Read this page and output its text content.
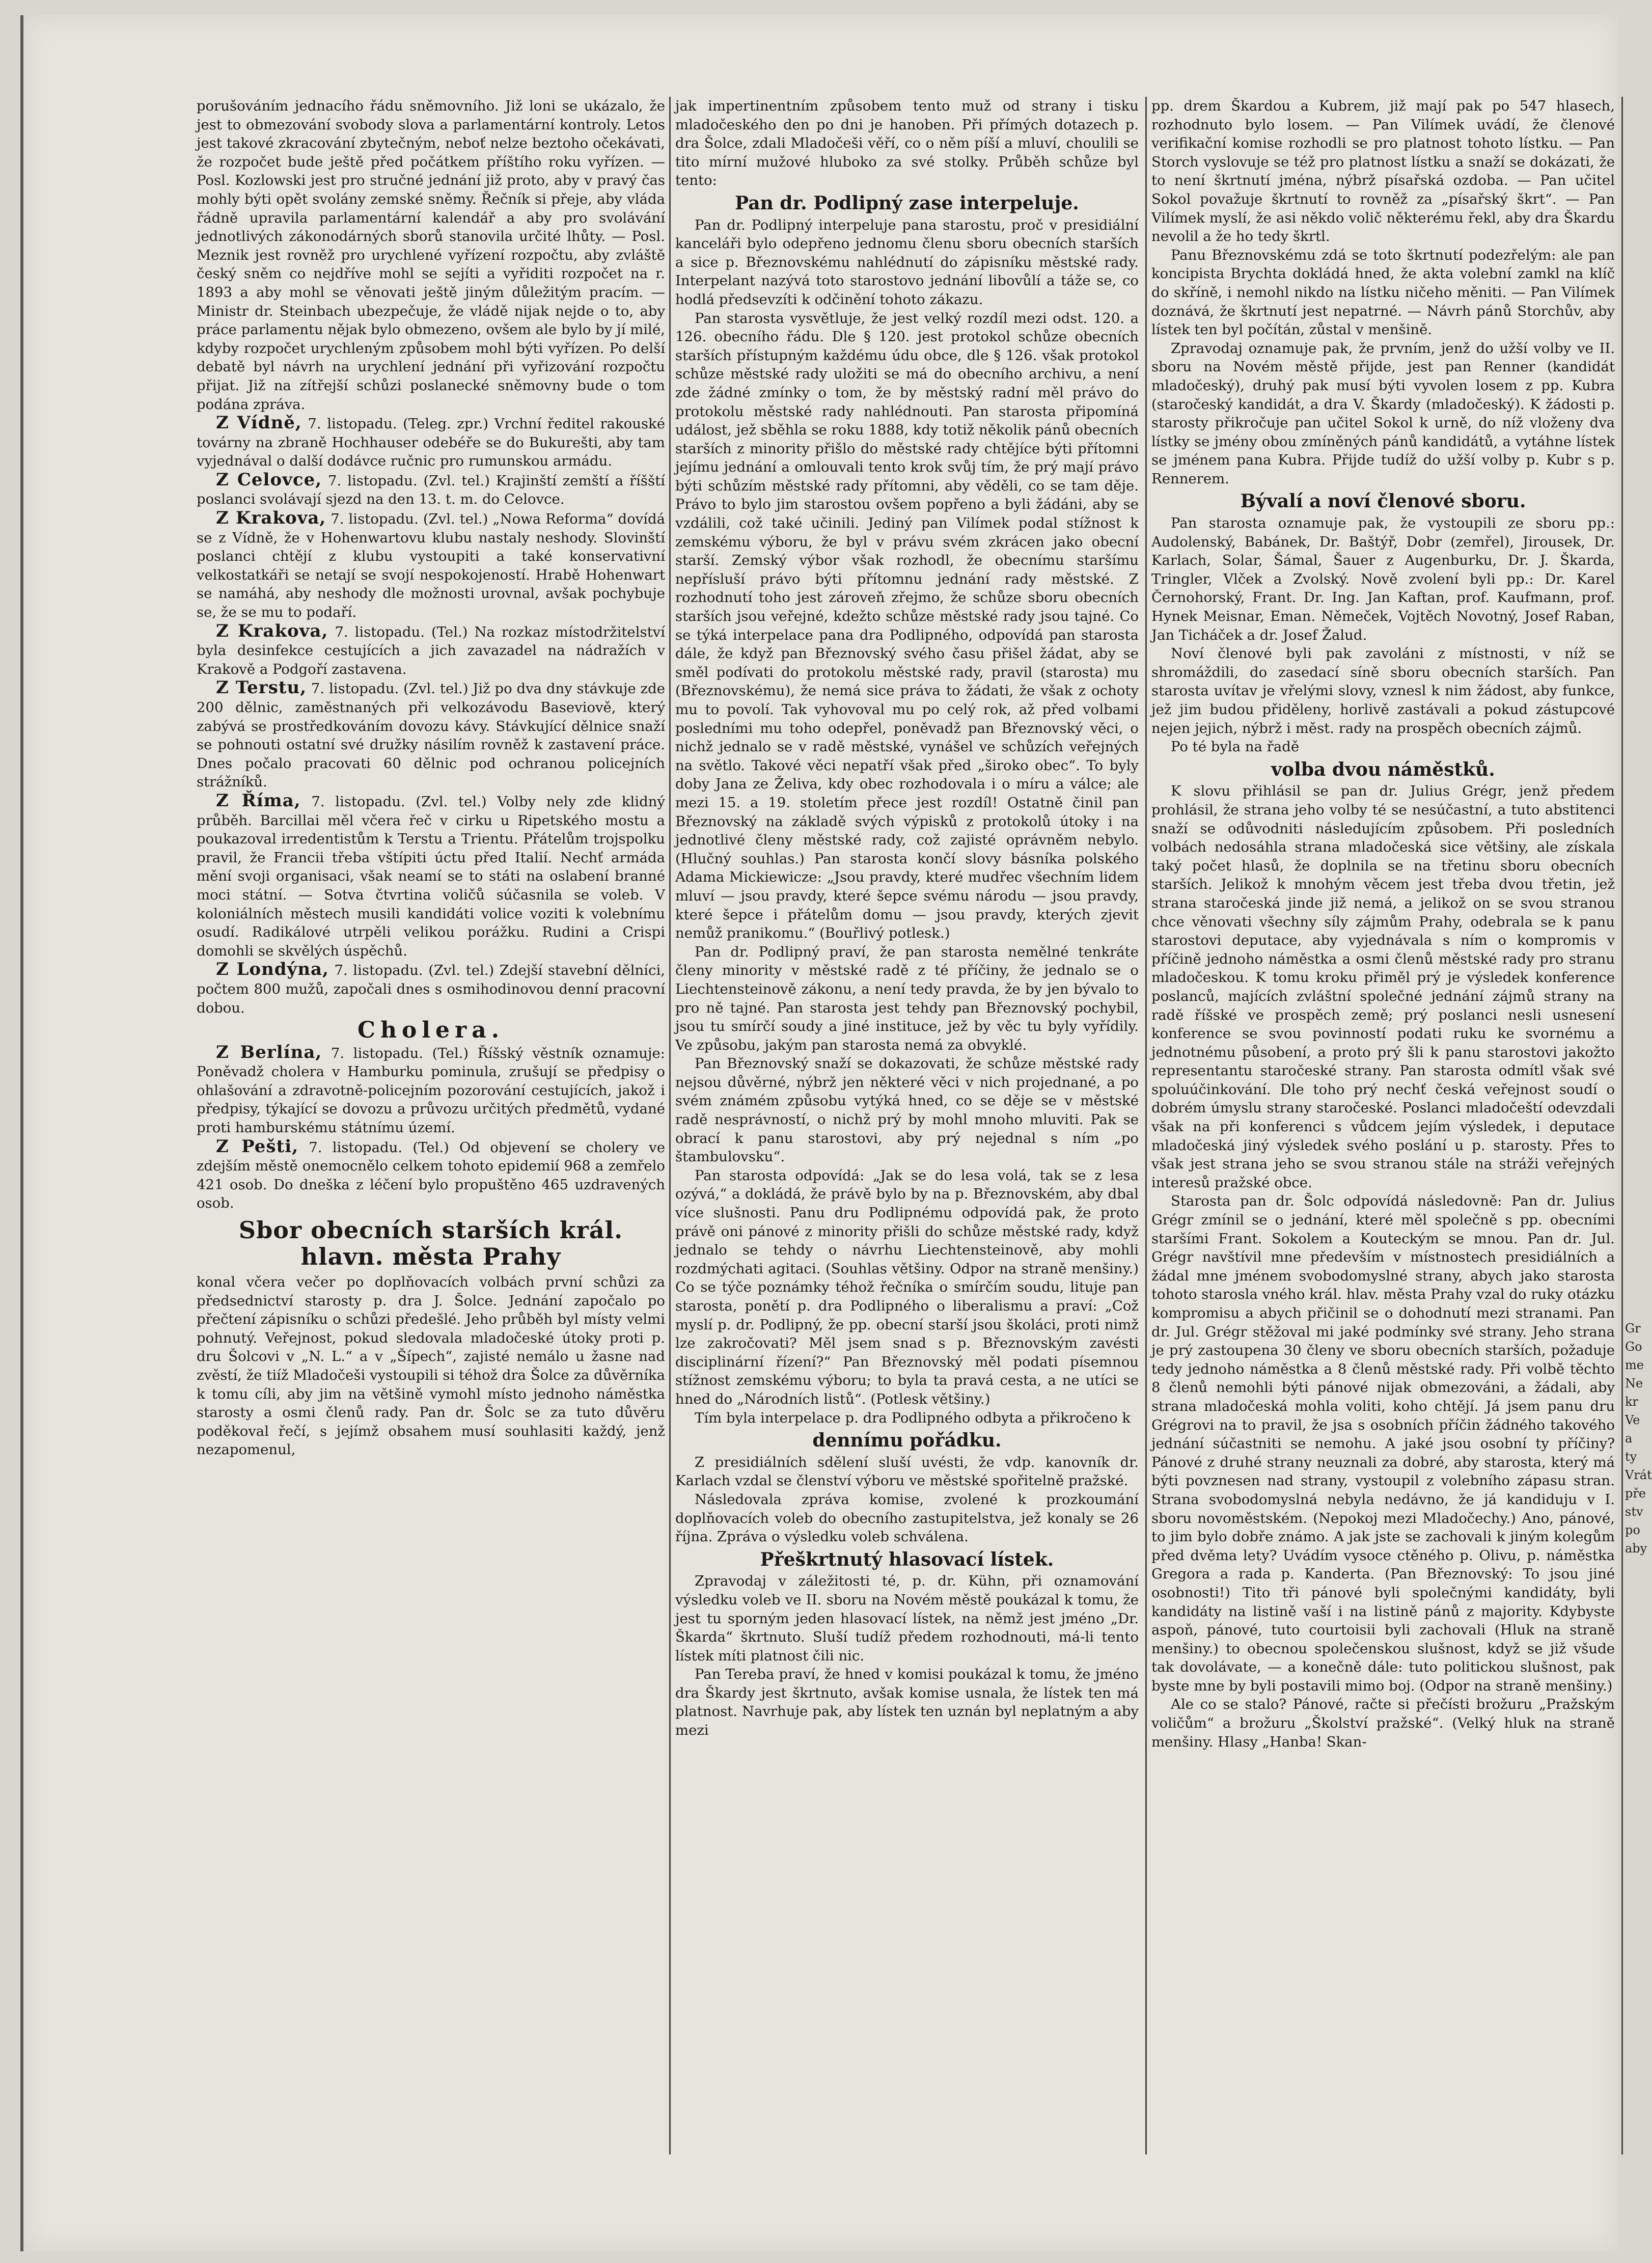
porušováním jednacího řádu sněmovního. Již loni se ukázalo, že jest to obmezování svobody slova a parlamentární kontroly. Letos jest takové zkracování zbytečným, neboť nelze beztoho očekávati, že rozpočet bude ještě před počátkem příštího roku vyřízen. — Posl. Kozlowski jest pro stručné jednání již proto, aby v pravý čas mohly býti opět svolány zemské sněmy. Řečník si přeje, aby vláda řádně upravila parlamentární kalendář a aby pro svolávání jednotlivých zákonodárných sborů stanovila určité lhůty. — Posl. Meznik jest rovněž pro urychlené vyřízení rozpočtu, aby zvláště český sněm co nejdříve mohl se sejíti a vyřiditi rozpočet na r. 1893 a aby mohl se věnovati ještě jiným důležitým pracím. — Ministr dr. Steinbach ubezpečuje, že vládě nijak nejde o to, aby práce parlamentu nějak bylo obmezeno, ovšem ale bylo by jí milé, kdyby rozpočet urychleným způsobem mohl býti vyřízen. Po delší debatě byl návrh na urychlení jednání při vyřizování rozpočtu přijat. Již na zítřejší schůzi poslanecké sněmovny bude o tom podána zpráva.

Z Vídně, 7. listopadu. (Teleg. zpr.) Vrchní ředitel rakouské továrny na zbraně Hochhauser odebéře se do Bukurešti, aby tam vyjednával o další dodávce ručnic pro rumunskou armádu.

Z Celovce, 7. listopadu. (Zvl. tel.) Krajinští zemští a říšští poslanci svolávají sjezd na den 13. t. m. do Celovce.

Z Krakova, 7. listopadu. (Zvl. tel.) „Nowa Reforma“ dovídá se z Vídně, že v Hohenwartovu klubu nastaly neshody. Slovinští poslanci chtějí z klubu vystoupiti a také konservativní velkostatkáři se netají se svojí nespokojeností. Hrabě Hohenwart se namáhá, aby neshody dle možnosti urovnal, avšak pochybuje se, že se mu to podaří.

Z Krakova, 7. listopadu. (Tel.) Na rozkaz místodržitelství byla desinfekce cestujících a jich zavazadel na nádražích v Krakově a Podgoří zastavena.

Z Terstu, 7. listopadu. (Zvl. tel.) Již po dva dny stávkuje zde 200 dělnic, zaměstnaných při velkozávodu Baseviově, který zabývá se prostředkováním dovozu kávy. Stávkující dělnice snaží se pohnouti ostatní své družky násilím rovněž k zastavení práce. Dnes počalo pracovati 60 dělnic pod ochranou policejních strážníků.

Z Říma, 7. listopadu. (Zvl. tel.) Volby nely zde klidný průběh. Barcillai měl včera řeč v cirku u Ripetského mostu a poukazoval irredentistům k Terstu a Trientu. Přátelům trojspolku pravil, že Francii třeba vštípiti úctu před Italií. Nechť armáda mění svoji organisaci, však neamí se to státi na oslabení branné moci státní. — Sotva čtvrtina voličů súčasnila se voleb. V koloniálních městech musili kandidáti volice voziti k volebnímu osudí. Radikálové utrpěli velikou porážku. Rudini a Crispi domohli se skvělých úspěchů.

Z Londýna, 7. listopadu. (Zvl. tel.) Zdejší stavební dělníci, počtem 800 mužů, započali dnes s osmihodinovou denní pracovní dobou.

Cholera.

Z Berlína, 7. listopadu. (Tel.) Říšský věstník oznamuje: Poněvadž cholera v Hamburku pominula, zrušují se předpisy o ohlašování a zdravotně-policejním pozorování cestujících, jakož i předpisy, týkající se dovozu a průvozu určitých předmětů, vydané proti hamburskému státnímu území.

Z Pešti, 7. listopadu. (Tel.) Od objevení se cholery ve zdejším městě onemocnělo celkem tohoto epidemií 968 a zemřelo 421 osob. Do dneška z léčení bylo propuštěno 465 uzdravených osob.

Sbor obecních starších král. hlavn. města Prahy

konal včera večer po doplňovacích volbách první schůzi za předsednictví starosty p. dra J. Šolce. Jednání započalo po přečtení zápisníku o schůzi předešlé. Jeho průběh byl místy velmi pohnutý. Veřejnost, pokud sledovala mladočeské útoky proti p. dru Šolcovi v „N. L.“ a v „Šípech“, zajisté nemálo u žasne nad zvěstí, že tiíž Mladočeši vystoupili si téhož dra Šolce za důvěrníka k tomu cíli, aby jim na většině vymohl místo jednoho náměstka starosty a osmi členů rady. Pan dr. Šolc se za tuto důvěru poděkoval řečí, s jejímž obsahem musí souhlasiti každý, jenž nezapomenul,

jak impertinentním způsobem tento muž od strany i tisku mladočeského den po dni je hanoben. Při přímých dotazech p. dra Šolce, zdali Mladočeši věří, co o něm píší a mluví, choulili se tito mírní mužové hluboko za své stolky. Průběh schůze byl tento:

Pan dr. Podlipný zase interpeluje.

Pan dr. Podlipný interpeluje pana starostu, proč v presidiální kanceláři bylo odepřeno jednomu členu sboru obecních starších a sice p. Březnovskému nahlédnutí do zápisníku městské rady. Interpelant nazývá toto starostovo jednání libovůlí a táže se, co hodlá předsevzíti k odčinění tohoto zákazu.

Pan starosta vysvětluje, že jest velký rozdíl mezi odst. 120. a 126. obecního řádu. Dle § 120. jest protokol schůze obecních starších přístupným každému údu obce, dle § 126. však protokol schůze městské rady uložiti se má do obecního archivu, a není zde žádné zmínky o tom, že by městský radní měl právo do protokolu městské rady nahlédnouti. Pan starosta připomíná událost, jež sběhla se roku 1888, kdy totiž několik pánů obecních starších z minority přišlo do městské rady chtějíce býti přítomni jejímu jednání a omlouvali tento krok svůj tím, že prý mají právo býti schůzím městské rady přítomni, aby věděli, co se tam děje. Právo to bylo jim starostou ovšem popřeno a byli žádáni, aby se vzdálili, což také učinili. Jediný pan Vilímek podal stížnost k zemskému výboru, že byl v právu svém zkrácen jako obecní starší. Zemský výbor však rozhodl, že obecnímu staršímu nepřísluší právo býti přítomnu jednání rady městské. Z rozhodnutí toho jest zároveň zřejmo, že schůze sboru obecních starších jsou veřejné, kdežto schůze městské rady jsou tajné. Co se týká interpelace pana dra Podlipného, odpovídá pan starosta dále, že když pan Březnovský svého času přišel žádat, aby se směl podívati do protokolu městské rady, pravil (starosta) mu (Březnovskému), že nemá sice práva to žádati, že však z ochoty mu to povolí. Tak vyhovoval mu po celý rok, až před volbami posledními mu toho odepřel, poněvadž pan Březnovský věci, o nichž jednalo se v radě městské, vynášel ve schůzích veřejných na světlo. Takové věci nepatří však před „široko obec“. To byly doby Jana ze Želiva, kdy obec rozhodovala i o míru a válce; ale mezi 15. a 19. stoletím přece jest rozdíl! Ostatně činil pan Březnovský na základě svých výpisků z protokolů útoky i na jednotlivé členy městské rady, což zajisté oprávněm nebylo. (Hlučný souhlas.) Pan starosta končí slovy básníka polského Adama Mickiewicze: „Jsou pravdy, které mudřec všechním lidem mluví — jsou pravdy, které šepce svému národu — jsou pravdy, které šepce i přátelům domu — jsou pravdy, kterých zjevit nemůž pranikomu.“ (Bouřlivý potlesk.)

Pan dr. Podlipný praví, že pan starosta nemělné tenkráte členy minority v městské radě z té příčiny, že jednalo se o Liechtensteinově zákonu, a není tedy pravda, že by jen bývalo to pro ně tajné. Pan starosta jest tehdy pan Březnovský pochybil, jsou tu smírčí soudy a jiné instituce, jež by věc tu byly vyřídily. Ve způsobu, jakým pan starosta nemá za obvyklé.

Pan Březnovský snaží se dokazovati, že schůze městské rady nejsou důvěrné, nýbrž jen některé věci v nich projednané, a po svém známém způsobu vytýká hned, co se děje se v městské radě nesprávností, o nichž prý by mohl mnoho mluviti. Pak se obrací k panu starostovi, aby prý nejednal s ním „po štambulovsku“.

Pan starosta odpovídá: „Jak se do lesa volá, tak se z lesa ozývá,“ a dokládá, že právě bylo by na p. Březnovském, aby dbal více slušnosti. Panu dru Podlipnému odpovídá pak, že proto právě oni pánové z minority přišli do schůze městské rady, když jednalo se tehdy o návrhu Liechtensteinově, aby mohli rozdmýchati agitaci. (Souhlas většiny. Odpor na straně menšiny.) Co se týče poznámky téhož řečníka o smírčím soudu, lituje pan starosta, ponětí p. dra Podlipného o liberalismu a praví: „Což myslí p. dr. Podlipný, že pp. obecní starší jsou školáci, proti nimž lze zakročovati? Měl jsem snad s p. Březnovským zavésti disciplinární řízení?“ Pan Březnovský měl podati písemnou stížnost zemskému výboru; to byla ta pravá cesta, a ne utíci se hned do „Národních listů“. (Potlesk většiny.)

Tím byla interpelace p. dra Podlipného odbyta a přikročeno k

dennímu pořádku.

Z presidiálních sdělení sluší uvésti, že vdp. kanovník dr. Karlach vzdal se členství výboru ve městské spořitelně pražské.

Následovala zpráva komise, zvolené k prozkoumání doplňovacích voleb do obecního zastupitelstva, jež konaly se 26 října. Zpráva o výsledku voleb schválena.

Přeškrtnutý hlasovací lístek.

Zpravodaj v záležitosti té, p. dr. Kühn, při oznamování výsledku voleb ve II. sboru na Novém městě poukázal k tomu, že jest tu sporným jeden hlasovací lístek, na němž jest jméno „Dr. Škarda“ škrtnuto. Sluší tudíž předem rozhodnouti, má-li tento lístek míti platnost čili nic.

Pan Tereba praví, že hned v komisi poukázal k tomu, že jméno dra Škardy jest škrtnuto, avšak komise usnala, že lístek ten má platnost. Navrhuje pak, aby lístek ten uznán byl neplatným a aby mezi

pp. drem Škardou a Kubrem, již mají pak po 547 hlasech, rozhodnuto bylo losem. — Pan Vilímek uvádí, že členové verifikační komise rozhodli se pro platnost tohoto lístku. — Pan Storch vyslovuje se též pro platnost lístku a snaží se dokázati, že to není škrtnutí jména, nýbrž písařská ozdoba. — Pan učitel Sokol považuje škrtnutí to rovněž za „písařský škrt“. — Pan Vilímek myslí, že asi někdo volič některému řekl, aby dra Škardu nevolil a že ho tedy škrtl.

Panu Březnovskému zdá se toto škrtnutí podezřelým: ale pan koncipista Brychta dokládá hned, že akta volební zamkl na klíč do skříně, i nemohl nikdo na lístku ničeho měniti. — Pan Vilímek doznává, že škrtnutí jest nepatrné. — Návrh pánů Storchův, aby lístek ten byl počítán, zůstal v menšině.

Zpravodaj oznamuje pak, že prvním, jenž do užší volby ve II. sboru na Novém městě přijde, jest pan Renner (kandidát mladočeský), druhý pak musí býti vyvolen losem z pp. Kubra (staročeský kandidát, a dra V. Škardy (mladočeský). K žádosti p. starosty přikročuje pan učitel Sokol k urně, do níž vloženy dva lístky se jmény obou zmíněných pánů kandidátů, a vytáhne lístek se jménem pana Kubra. Přijde tudíž do užší volby p. Kubr s p. Rennerem.

Bývalí a noví členové sboru.

Pan starosta oznamuje pak, že vystoupili ze sboru pp.: Audolenský, Babánek, Dr. Baštýř, Dobr (zemřel), Jirousek, Dr. Karlach, Solar, Šámal, Šauer z Augenburku, Dr. J. Škarda, Tringler, Vlček a Zvolský. Nově zvolení byli pp.: Dr. Karel Černohorský, Frant. Dr. Ing. Jan Kaftan, prof. Kaufmann, prof. Hynek Meisnar, Eman. Němeček, Vojtěch Novotný, Josef Raban, Jan Ticháček a dr. Josef Žalud.

Noví členové byli pak zavoláni z místnosti, v níž se shromáždili, do zasedací síně sboru obecních starších. Pan starosta uvítav je vřelými slovy, vznesl k nim žádost, aby funkce, jež jim budou přiděleny, horlivě zastávali a pokud zástupcové nejen jejich, nýbrž i měst. rady na prospěch obecních zájmů.

Po té byla na řadě

volba dvou náměstků.

K slovu přihlásil se pan dr. Julius Grégr, jenž předem prohlásil, že strana jeho volby té se nesúčastní, a tuto abstitenci snaží se odůvodniti následujícím způsobem. Při posledních volbách nedosáhla strana mladočeská sice většiny, ale získala taký počet hlasů, že doplnila se na třetinu sboru obecních starších. Jelikož k mnohým věcem jest třeba dvou třetin, jež strana staročeská jinde již nemá, a jelikož on se svou stranou chce věnovati všechny síly zájmům Prahy, odebrala se k panu starostovi deputace, aby vyjednávala s ním o kompromis v příčině jednoho náměstka a osmi členů městské rady pro stranu mladočeskou. K tomu kroku přiměl prý je výsledek konference poslanců, majících zvláštní společné jednání zájmů strany na radě říšské ve prospěch země; prý poslanci nesli usnesení konference se svou povinností podati ruku ke svornému a jednotnému působení, a proto prý šli k panu starostovi jakožto representantu staročeské strany. Pan starosta odmítl však své spoluúčinkování. Dle toho prý nechť česká veřejnost soudí o dobrém úmyslu strany staročeské. Poslanci mladočeští odevzdali však na při konferenci s vůdcem jejím výsledek, i deputace mladočeská jiný výsledek svého poslání u p. starosty. Přes to však jest strana jeho se svou stranou stále na stráži veřejných interesů pražské obce.

Starosta pan dr. Šolc odpovídá následovně: Pan dr. Julius Grégr zmínil se o jednání, které měl společně s pp. obecními staršími Frant. Sokolem a Kouteckým se mnou. Pan dr. Jul. Grégr navštívil mne především v místnostech presidiálních a žádal mne jménem svobodomyslné strany, abych jako starosta tohoto starosla vného král. hlav. města Prahy vzal do ruky otázku kompromisu a abych přičinil se o dohodnutí mezi stranami. Pan dr. Jul. Grégr stěžoval mi jaké podmínky své strany. Jeho strana je prý zastoupena 30 členy ve sboru obecních starších, požaduje tedy jednoho náměstka a 8 členů městské rady. Při volbě těchto 8 členů nemohli býti pánové nijak obmezováni, a žádali, aby strana mladočeská mohla voliti, koho chtějí. Já jsem panu dru Grégrovi na to pravil, že jsa s osobních příčin žádného takového jednání súčastniti se nemohu. A jaké jsou osobní ty příčiny? Pánové z druhé strany neuznali za dobré, aby starosta, který má býti povznesen nad strany, vystoupil z volebního zápasu stran. Strana svobodomyslná nebyla nedávno, že já kandiduju v I. sboru novoměstském. (Nepokoj mezi Mladočechy.) Ano, pánové, to jim bylo dobře známo. A jak jste se zachovali k jiným kolegům před dvěma lety? Uvádím vysoce ctěného p. Olivu, p. náměstka Gregora a rada p. Kanderta. (Pan Březnovský: To jsou jiné osobnosti!) Tito tři pánové byli společnými kandidáty, byli kandidáty na listině vaší i na listině pánů z majority. Kdybyste aspoň, pánové, tuto courtoisii byli zachovali (Hluk na straně menšiny.) to obecnou společenskou slušnost, když se již všude tak dovolávate, — a konečně dále: tuto politickou slušnost, pak byste mne by byli postavili mimo boj. (Odpor na straně menšiny.)

Ale co se stalo? Pánové, račte si přečísti brožuru „Pražským voličům“ a brožuru „Školství pražské“. (Velký hluk na straně menšiny. Hlasy „Hanba! Skan-

Gr
Go
me
Ne
kr
Ve
a
ty
Vrát
pře
stv
po
aby
